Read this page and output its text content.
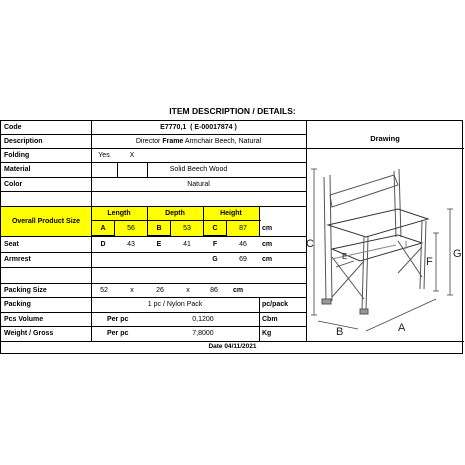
ITEM DESCRIPTION / DETAILS:
Code	E7770,1
( E-00017874 )
Description	Director Frame Armchair Beech, Natural
Folding	Yes	X
Material	Solid Beech Wood
Color	Natural
Overall Product Size
Length	Depth	Height
A	56	B	53	C	87	cm
Seat	D	43	E	41	F	46	cm
Armrest	G	69	cm
Packing Size	52	x	26	x	86	cm
Packing	1 pc / Nylon Pack	pc/pack
Pcs Volume	Per pc	0,1200	Cbm
Weight / Gross	Per pc	7,8000	Kg
Date 04/11/2021
Drawing
C
G
F
B	A
E
